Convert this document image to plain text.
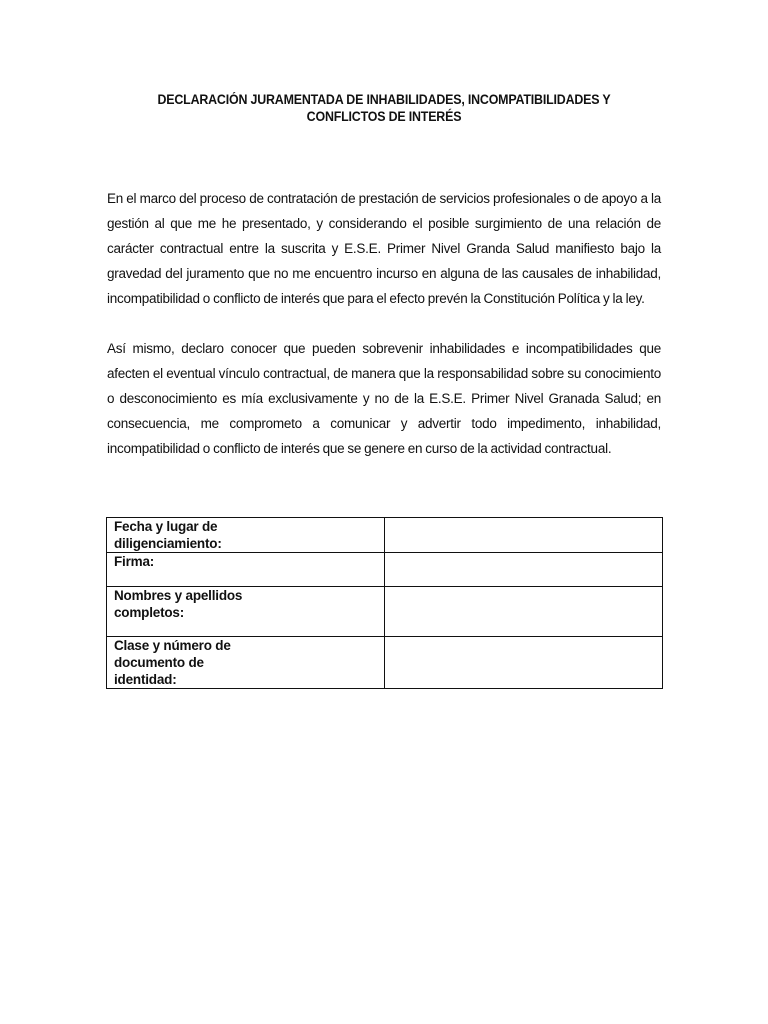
DECLARACIÓN JURAMENTADA DE INHABILIDADES, INCOMPATIBILIDADES Y
CONFLICTOS DE INTERÉS

En el marco del proceso de contratación de prestación de servicios profesionales o de apoyo a la gestión al que me he presentado, y considerando el posible surgimiento de una relación de carácter contractual entre la suscrita y E.S.E. Primer Nivel Granda Salud manifiesto bajo la gravedad del juramento que no me encuentro incurso en alguna de las causales de inhabilidad, incompatibilidad o conflicto de interés que para el efecto prevén la Constitución Política y la ley.

Así mismo, declaro conocer que pueden sobrevenir inhabilidades e incompatibilidades que afecten el eventual vínculo contractual, de manera que la responsabilidad sobre su conocimiento o desconocimiento es mía exclusivamente y no de la E.S.E. Primer Nivel Granada Salud; en consecuencia, me comprometo a comunicar y advertir todo impedimento, inhabilidad, incompatibilidad o conflicto de interés que se genere en curso de la actividad contractual.

Fecha y lugar de diligenciamiento:	

Firma:	

Nombres y apellidos completos:	

Clase y número de documento de identidad:	
